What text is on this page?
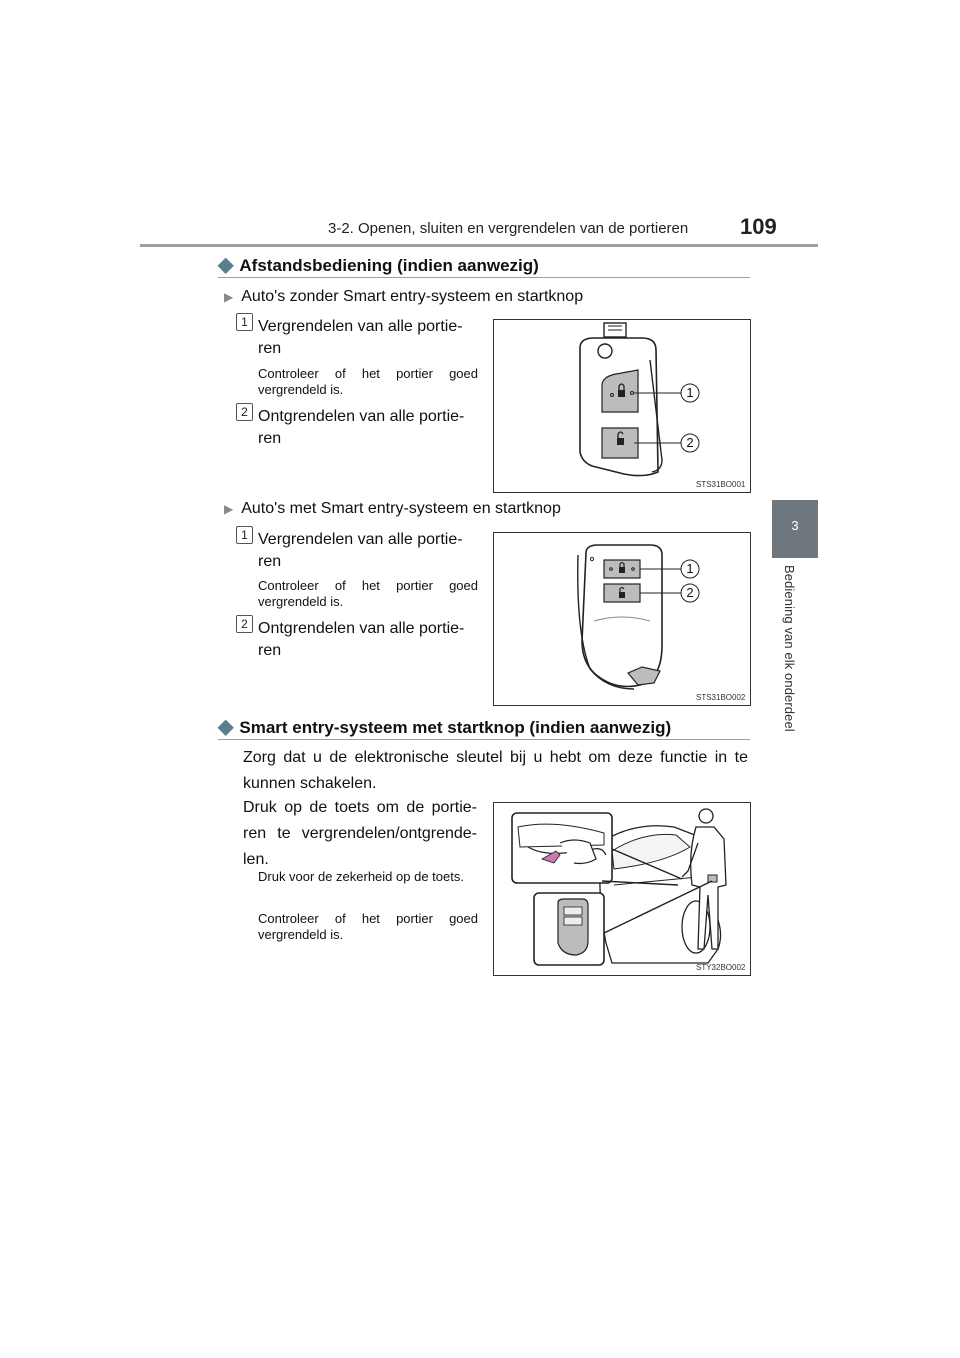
3-2. Openen, sluiten en vergrendelen van de portieren 109
3
Bediening van elk onderdeel
◆ Afstandsbediening (indien aanwezig)
▶ Auto's zonder Smart entry-systeem en startknop
1 Vergrendelen van alle portie-ren
Controleer of het portier goed vergrendeld is.
2 Ontgrendelen van alle portie-ren
1
2
STS31BO001
▶ Auto's met Smart entry-systeem en startknop
1 Vergrendelen van alle portie-ren
Controleer of het portier goed vergrendeld is.
2 Ontgrendelen van alle portie-ren
1
2
STS31BO002
◆ Smart entry-systeem met startknop (indien aanwezig)
Zorg dat u de elektronische sleutel bij u hebt om deze functie in te kunnen schakelen.
Druk op de toets om de portie-ren te vergrendelen/ontgrende-len.
Druk voor de zekerheid op de toets.
Controleer of het portier goed vergrendeld is.
STY32BO002
